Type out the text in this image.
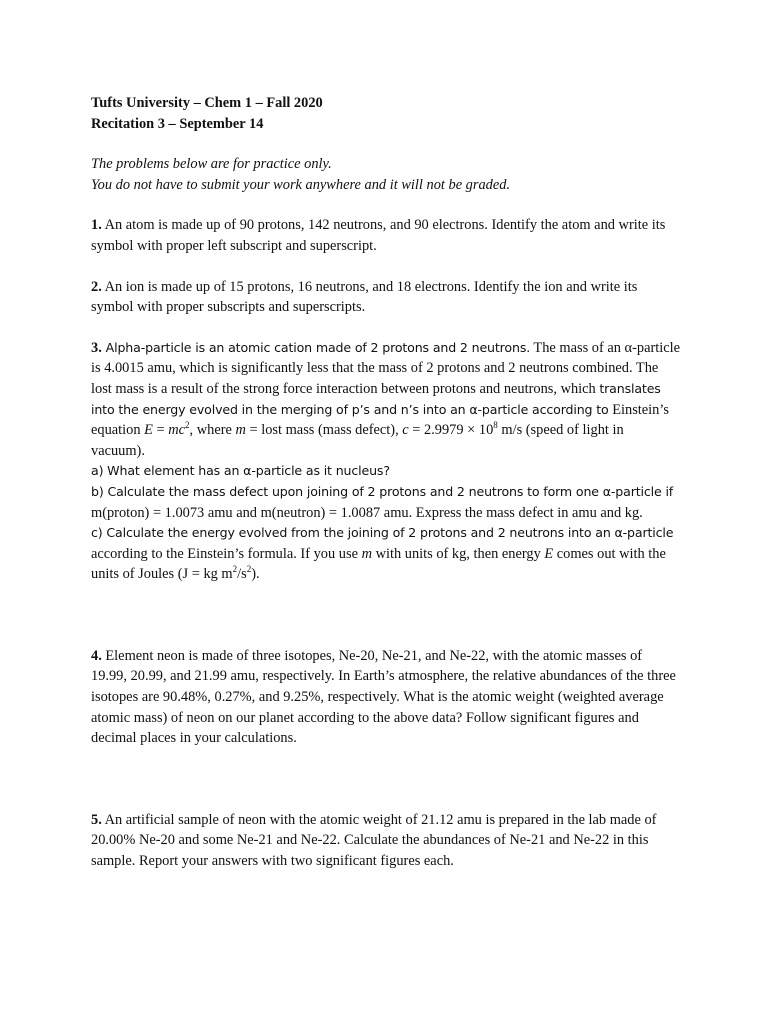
Tufts University – Chem 1 – Fall 2020
Recitation 3 – September 14
The problems below are for practice only.
You do not have to submit your work anywhere and it will not be graded.
1. An atom is made up of 90 protons, 142 neutrons, and 90 electrons. Identify the atom and write its symbol with proper left subscript and superscript.
2. An ion is made up of 15 protons, 16 neutrons, and 18 electrons. Identify the ion and write its symbol with proper subscripts and superscripts.
3. Alpha-particle is an atomic cation made of 2 protons and 2 neutrons. The mass of an α-particle is 4.0015 amu, which is significantly less that the mass of 2 protons and 2 neutrons combined. The lost mass is a result of the strong force interaction between protons and neutrons, which translates into the energy evolved in the merging of p’s and n’s into an α-particle according to Einstein’s equation $E = mc^2$, where m = lost mass (mass defect), $c = 2.9979 \times 10^8$ m/s (speed of light in vacuum).
a) What element has an α-particle as it nucleus?
b) Calculate the mass defect upon joining of 2 protons and 2 neutrons to form one α-particle if m(proton) = 1.0073 amu and m(neutron) = 1.0087 amu. Express the mass defect in amu and kg.
c) Calculate the energy evolved from the joining of 2 protons and 2 neutrons into an α-particle according to the Einstein’s formula. If you use m with units of kg, then energy E comes out with the units of Joules (J = kg $m^2/s^2$).
4. Element neon is made of three isotopes, Ne-20, Ne-21, and Ne-22, with the atomic masses of 19.99, 20.99, and 21.99 amu, respectively. In Earth’s atmosphere, the relative abundances of the three isotopes are 90.48%, 0.27%, and 9.25%, respectively. What is the atomic weight (weighted average atomic mass) of neon on our planet according to the above data? Follow significant figures and decimal places in your calculations.
5. An artificial sample of neon with the atomic weight of 21.12 amu is prepared in the lab made of 20.00% Ne-20 and some Ne-21 and Ne-22. Calculate the abundances of Ne-21 and Ne-22 in this sample. Report your answers with two significant figures each.
